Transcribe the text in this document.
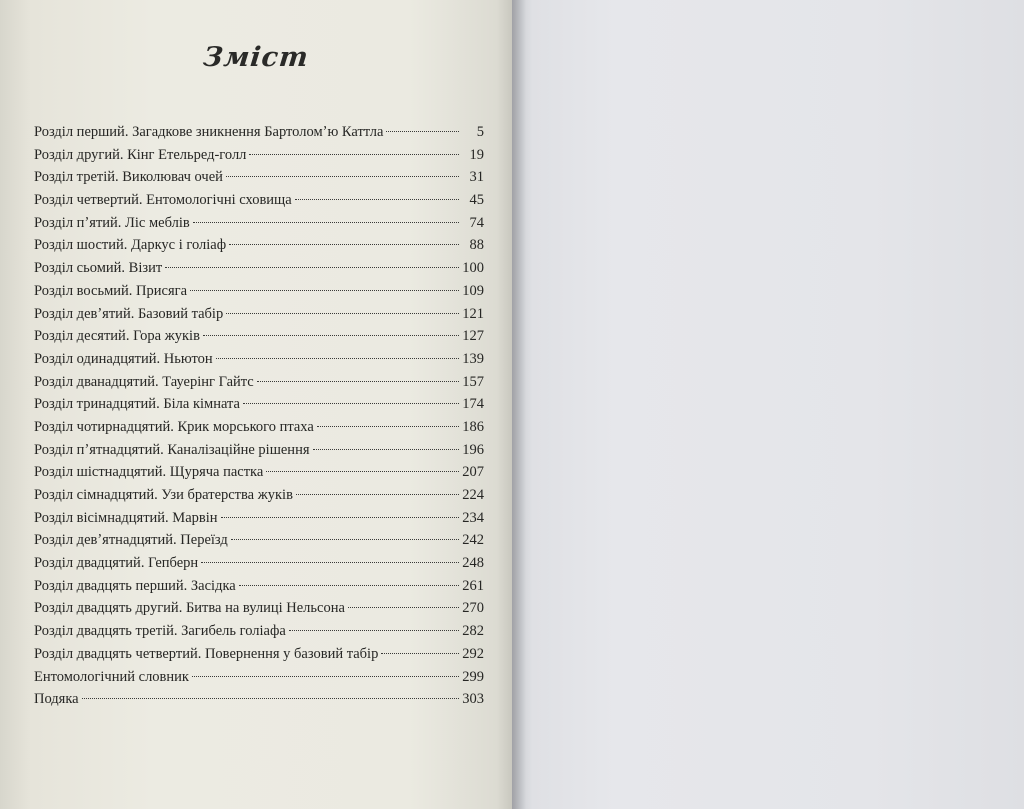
Зміст
Розділ перший. Загадкове зникнення Бартоломʼю Каттла	5
Розділ другий. Кінг Етельред-голл	19
Розділ третій. Виколювач очей	31
Розділ четвертий. Ентомологічні сховища	45
Розділ пʼятий. Ліс меблів	74
Розділ шостий. Даркус і голіаф	88
Розділ сьомий. Візит	100
Розділ восьмий. Присяга	109
Розділ девʼятий. Базовий табір	121
Розділ десятий. Гора жуків	127
Розділ одинадцятий. Ньютон	139
Розділ дванадцятий. Тауерінг Гайтс	157
Розділ тринадцятий. Біла кімната	174
Розділ чотирнадцятий. Крик морського птаха	186
Розділ пʼятнадцятий. Каналізаційне рішення	196
Розділ шістнадцятий. Щуряча пастка	207
Розділ сімнадцятий. Узи братерства жуків	224
Розділ вісімнадцятий. Марвін	234
Розділ девʼятнадцятий. Переїзд	242
Розділ двадцятий. Гепберн	248
Розділ двадцять перший. Засідка	261
Розділ двадцять другий. Битва на вулиці Нельсона	270
Розділ двадцять третій. Загибель голіафа	282
Розділ двадцять четвертий. Повернення у базовий табір	292
Ентомологічний словник	299
Подяка	303
